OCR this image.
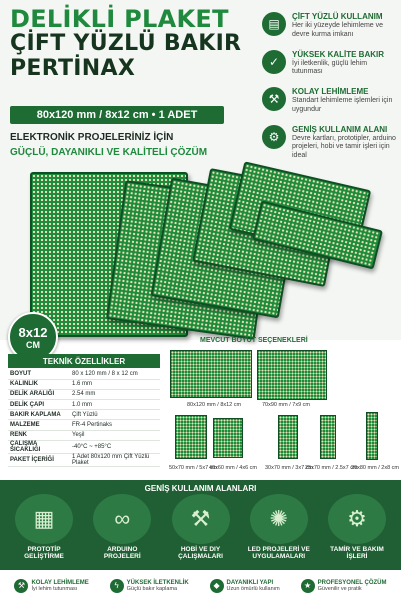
DELİKLİ PLAKET
ÇİFT YÜZLÜ BAKIR
PERTİNAX
80x120 mm / 8x12 cm • 1 ADET
ELEKTRONİK PROJELERİNİZ İÇİN
GÜÇLÜ, DAYANIKLI VE KALİTELİ ÇÖZÜM
▤
ÇİFT YÜZLÜ KULLANIM
Her iki yüzeyde lehimleme ve devre kurma imkanı
✓
YÜKSEK KALİTE BAKIR
İyi iletkenlik, güçlü lehim tutunması
⚒
KOLAY LEHİMLEME
Standart lehimleme işlemleri için uygundur
⚙
GENİŞ KULLANIM ALANI
Devre kartları, prototipler, arduino projeleri, hobi ve tamir işleri için ideal
8x12
CM
TEKNİK ÖZELLİKLER
BOYUT	80 x 120 mm / 8 x 12 cm
KALINLIK	1.6 mm
DELİK ARALIĞI	2.54 mm
DELİK ÇAPI	1.0 mm
BAKIR KAPLAMA	Çift Yüzlü
MALZEME	FR-4 Pertinaks
RENK	Yeşil
ÇALIŞMA SICAKLIĞI	-40°C ~ +85°C
PAKET İÇERİĞİ	1 Adet 80x120 mm Çift Yüzlü Plaket
MEVCUT BOYUT SEÇENEKLERİ
80x120 mm / 8x12 cm	70x90 mm / 7x9 cm
50x70 mm / 5x7 cm
40x60 mm / 4x6 cm 30x70 mm / 3x7 cm
25x70 mm / 2.5x7 cm
20x80 mm / 2x8 cm
GENİŞ KULLANIM ALANLARI
▦
PROTOTİP GELİŞTİRME
∞
ARDUINO PROJELERİ
⚒
HOBİ VE DIY ÇALIŞMALARI
✺
LED PROJELERİ VE UYGULAMALARI
⚙
TAMİR VE BAKIM İŞLERİ
⚒	KOLAY LEHİMLEME
İyi lehim tutunması	ϟ	YÜKSEK İLETKENLİK
Güçlü bakır kaplama	◆	DAYANIKLI YAPI
Uzun ömürlü kullanım	★	PROFESYONEL ÇÖZÜM
Güvenilir ve pratik
